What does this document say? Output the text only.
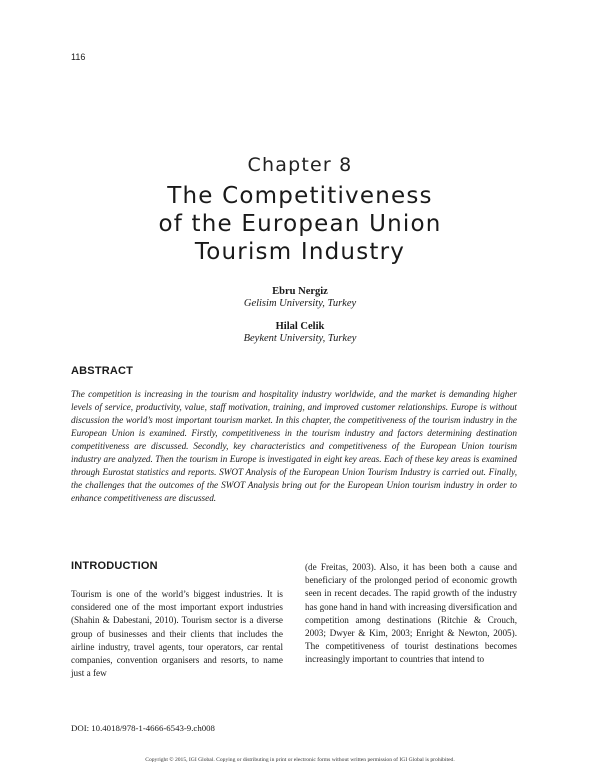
116
Chapter 8
The Competitiveness
of the European Union
Tourism Industry
Ebru Nergiz
Gelisim University, Turkey
Hilal Celik
Beykent University, Turkey
ABSTRACT

The competition is increasing in the tourism and hospitality industry worldwide, and the market is demanding higher levels of service, productivity, value, staff motivation, training, and improved customer relationships. Europe is without discussion the world’s most important tourism market. In this chapter, the competitiveness of the tourism industry in the European Union is examined. Firstly, competitiveness in the tourism industry and factors determining destination competitiveness are discussed. Secondly, key characteristics and competitiveness of the European Union tourism industry are analyzed. Then the tourism in Europe is investigated in eight key areas. Each of these key areas is examined through Eurostat statistics and reports. SWOT Analysis of the European Union Tourism Industry is carried out. Finally, the challenges that the outcomes of the SWOT Analysis bring out for the European Union tourism industry in order to enhance competitiveness are discussed.

INTRODUCTION

Tourism is one of the world’s biggest industries. It is considered one of the most important export industries (Shahin & Dabestani, 2010). Tourism sector is a diverse group of businesses and their clients that includes the airline industry, travel agents, tour operators, car rental companies, convention organisers and resorts, to name just a few

(de Freitas, 2003). Also, it has been both a cause and beneficiary of the prolonged period of economic growth seen in recent decades. The rapid growth of the industry has gone hand in hand with increasing diversification and competition among destinations (Ritchie & Crouch, 2003; Dwyer & Kim, 2003; Enright & Newton, 2005). The competitiveness of tourist destinations becomes increasingly important to countries that intend to

DOI: 10.4018/978-1-4666-6543-9.ch008
Copyright © 2015, IGI Global. Copying or distributing in print or electronic forms without written permission of IGI Global is prohibited.
